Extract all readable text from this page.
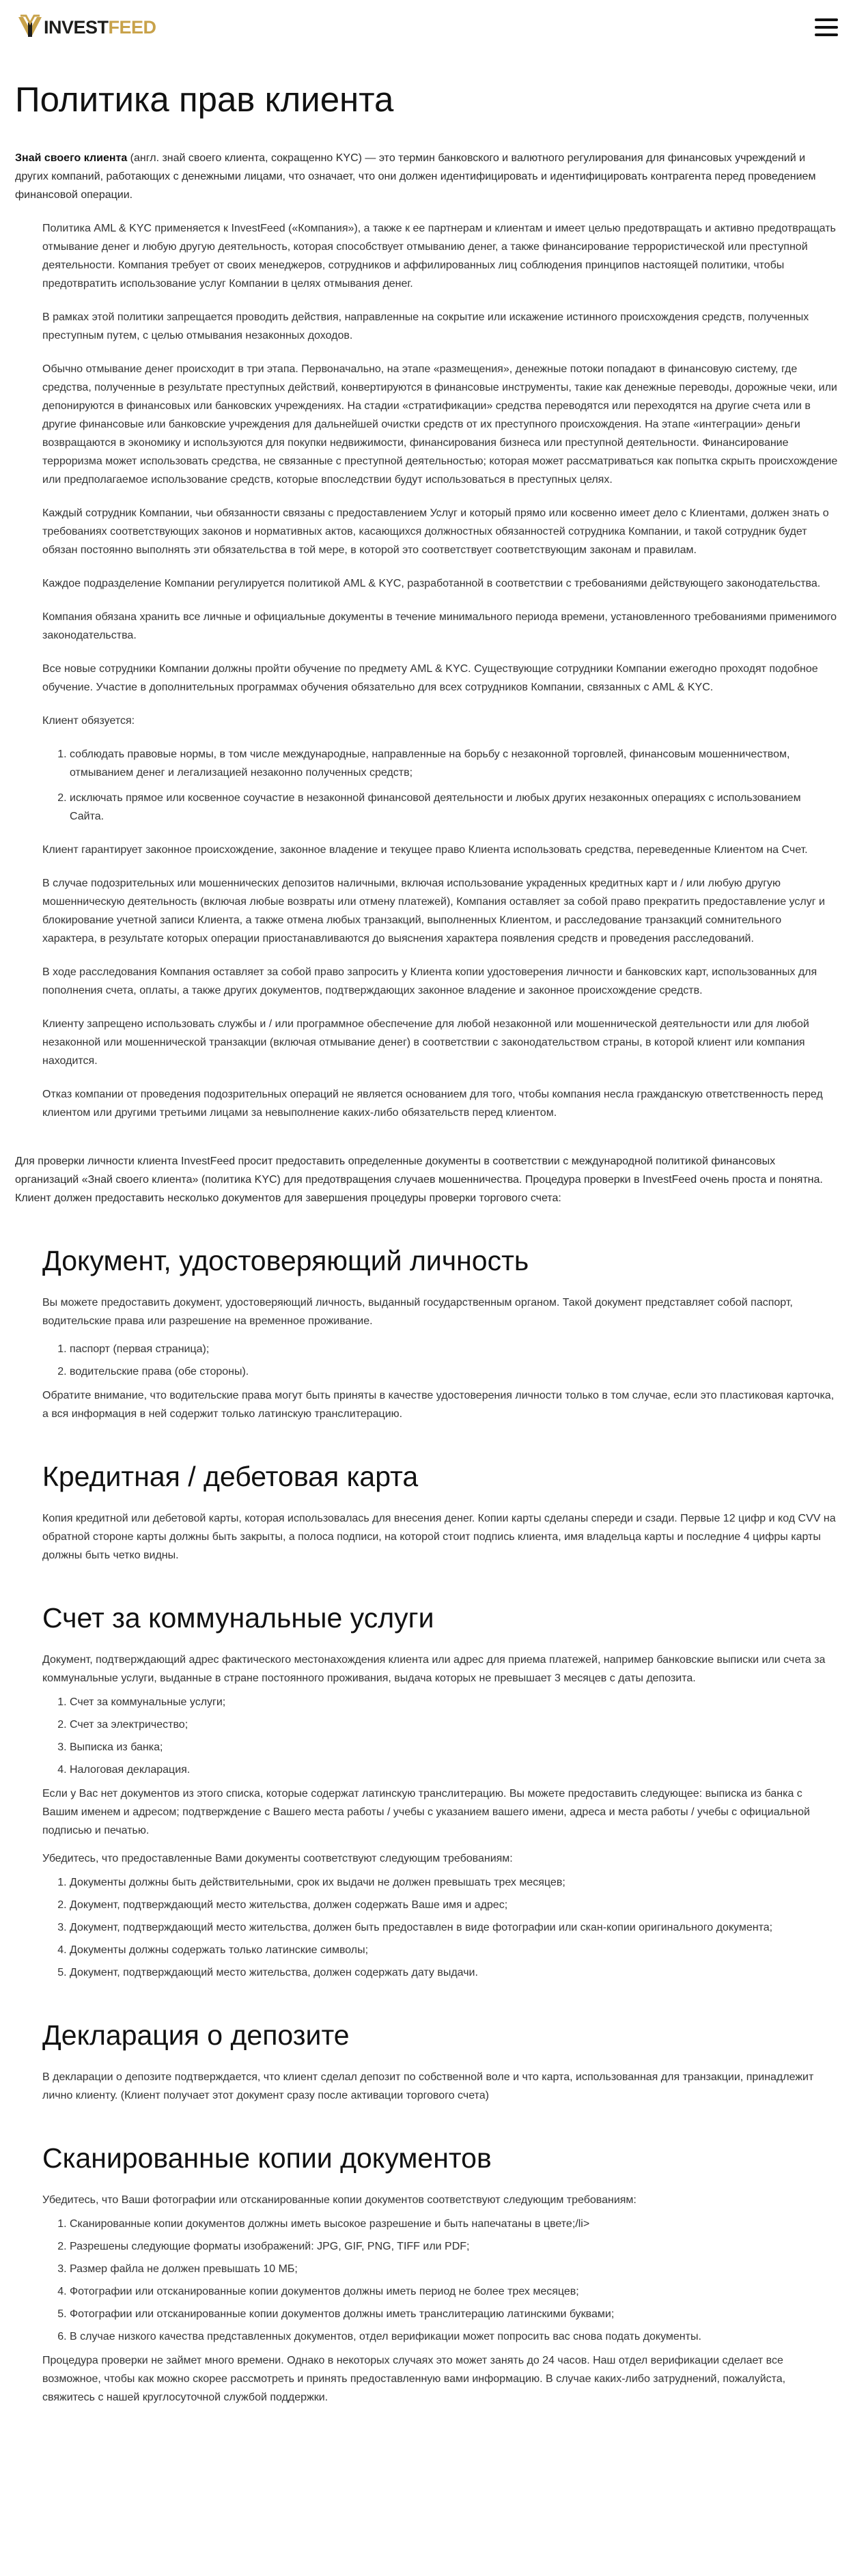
INVESTFEED
Политика прав клиента

Знай своего клиента (англ. знай своего клиента, сокращенно KYC) — это термин банковского и валютного регулирования для финансовых учреждений и других компаний, работающих с денежными лицами, что означает, что они должен идентифицировать и идентифицировать контрагента перед проведением финансовой операции.

Политика AML & KYC применяется к InvestFeed («Компания»), а также к ее партнерам и клиентам и имеет целью предотвращать и активно предотвращать отмывание денег и любую другую деятельность, которая способствует отмыванию денег, а также финансирование террористической или преступной деятельности. Компания требует от своих менеджеров, сотрудников и аффилированных лиц соблюдения принципов настоящей политики, чтобы предотвратить использование услуг Компании в целях отмывания денег.

В рамках этой политики запрещается проводить действия, направленные на сокрытие или искажение истинного происхождения средств, полученных преступным путем, с целью отмывания незаконных доходов.

Обычно отмывание денег происходит в три этапа. Первоначально, на этапе «размещения», денежные потоки попадают в финансовую систему, где средства, полученные в результате преступных действий, конвертируются в финансовые инструменты, такие как денежные переводы, дорожные чеки, или депонируются в финансовых или банковских учреждениях. На стадии «стратификации» средства переводятся или переходятся на другие счета или в другие финансовые или банковские учреждения для дальнейшей очистки средств от их преступного происхождения. На этапе «интеграции» деньги возвращаются в экономику и используются для покупки недвижимости, финансирования бизнеса или преступной деятельности. Финансирование терроризма может использовать средства, не связанные с преступной деятельностью; которая может рассматриваться как попытка скрыть происхождение или предполагаемое использование средств, которые впоследствии будут использоваться в преступных целях.

Каждый сотрудник Компании, чьи обязанности связаны с предоставлением Услуг и который прямо или косвенно имеет дело с Клиентами, должен знать о требованиях соответствующих законов и нормативных актов, касающихся должностных обязанностей сотрудника Компании, и такой сотрудник будет обязан постоянно выполнять эти обязательства в той мере, в которой это соответствует соответствующим законам и правилам.

Каждое подразделение Компании регулируется политикой AML & KYC, разработанной в соответствии с требованиями действующего законодательства.

Компания обязана хранить все личные и официальные документы в течение минимального периода времени, установленного требованиями применимого законодательства.

Все новые сотрудники Компании должны пройти обучение по предмету AML & KYC. Существующие сотрудники Компании ежегодно проходят подобное обучение. Участие в дополнительных программах обучения обязательно для всех сотрудников Компании, связанных с AML & KYC.

Клиент обязуется:

1. соблюдать правовые нормы, в том числе международные, направленные на борьбу с незаконной торговлей, финансовым мошенничеством, отмыванием денег и легализацией незаконно полученных средств;
2. исключать прямое или косвенное соучастие в незаконной финансовой деятельности и любых других незаконных операциях с использованием Сайта.

Клиент гарантирует законное происхождение, законное владение и текущее право Клиента использовать средства, переведенные Клиентом на Счет.

В случае подозрительных или мошеннических депозитов наличными, включая использование украденных кредитных карт и / или любую другую мошенническую деятельность (включая любые возвраты или отмену платежей), Компания оставляет за собой право прекратить предоставление услуг и блокирование учетной записи Клиента, а также отмена любых транзакций, выполненных Клиентом, и расследование транзакций сомнительного характера, в результате которых операции приостанавливаются до выяснения характера появления средств и проведения расследований.

В ходе расследования Компания оставляет за собой право запросить у Клиента копии удостоверения личности и банковских карт, использованных для пополнения счета, оплаты, а также других документов, подтверждающих законное владение и законное происхождение средств.

Клиенту запрещено использовать службы и / или программное обеспечение для любой незаконной или мошеннической деятельности или для любой незаконной или мошеннической транзакции (включая отмывание денег) в соответствии с законодательством страны, в которой клиент или компания находится.

Отказ компании от проведения подозрительных операций не является основанием для того, чтобы компания несла гражданскую ответственность перед клиентом или другими третьими лицами за невыполнение каких-либо обязательств перед клиентом.

Для проверки личности клиента InvestFeed просит предоставить определенные документы в соответствии с международной политикой финансовых организаций «Знай своего клиента» (политика KYC) для предотвращения случаев мошенничества. Процедура проверки в InvestFeed очень проста и понятна. Клиент должен предоставить несколько документов для завершения процедуры проверки торгового счета:

Документ, удостоверяющий личность

Вы можете предоставить документ, удостоверяющий личность, выданный государственным органом. Такой документ представляет собой паспорт, водительские права или разрешение на временное проживание.

1. паспорт (первая страница);
2. водительские права (обе стороны).

Обратите внимание, что водительские права могут быть приняты в качестве удостоверения личности только в том случае, если это пластиковая карточка, а вся информация в ней содержит только латинскую транслитерацию.

Кредитная / дебетовая карта

Копия кредитной или дебетовой карты, которая использовалась для внесения денег. Копии карты сделаны спереди и сзади. Первые 12 цифр и код CVV на обратной стороне карты должны быть закрыты, а полоса подписи, на которой стоит подпись клиента, имя владельца карты и последние 4 цифры карты должны быть четко видны.

Счет за коммунальные услуги

Документ, подтверждающий адрес фактического местонахождения клиента или адрес для приема платежей, например банковские выписки или счета за коммунальные услуги, выданные в стране постоянного проживания, выдача которых не превышает 3 месяцев с даты депозита.

1. Счет за коммунальные услуги;
2. Счет за электричество;
3. Выписка из банка;
4. Налоговая декларация.

Если у Вас нет документов из этого списка, которые содержат латинскую транслитерацию. Вы можете предоставить следующее: выписка из банка с Вашим именем и адресом; подтверждение с Вашего места работы / учебы с указанием вашего имени, адреса и места работы / учебы с официальной подписью и печатью.

Убедитесь, что предоставленные Вами документы соответствуют следующим требованиям:

1. Документы должны быть действительными, срок их выдачи не должен превышать трех месяцев;
2. Документ, подтверждающий место жительства, должен содержать Ваше имя и адрес;
3. Документ, подтверждающий место жительства, должен быть предоставлен в виде фотографии или скан-копии оригинального документа;
4. Документы должны содержать только латинские символы;
5. Документ, подтверждающий место жительства, должен содержать дату выдачи.
Декларация о депозите

В декларации о депозите подтверждается, что клиент сделал депозит по собственной воле и что карта, использованная для транзакции, принадлежит лично клиенту. (Клиент получает этот документ сразу после активации торгового счета)

Сканированные копии документов

Убедитесь, что Ваши фотографии или отсканированные копии документов соответствуют следующим требованиям:

1. Сканированные копии документов должны иметь высокое разрешение и быть напечатаны в цвете;/li>
2. Разрешены следующие форматы изображений: JPG, GIF, PNG, TIFF или PDF;
3. Размер файла не должен превышать 10 МБ;
4. Фотографии или отсканированные копии документов должны иметь период не более трех месяцев;
5. Фотографии или отсканированные копии документов должны иметь транслитерацию латинскими буквами;
6. В случае низкого качества представленных документов, отдел верификации может попросить вас снова подать документы.

Процедура проверки не займет много времени. Однако в некоторых случаях это может занять до 24 часов. Наш отдел верификации сделает все возможное, чтобы как можно скорее рассмотреть и принять предоставленную вами информацию. В случае каких-либо затруднений, пожалуйста, свяжитесь с нашей круглосуточной службой поддержки.
